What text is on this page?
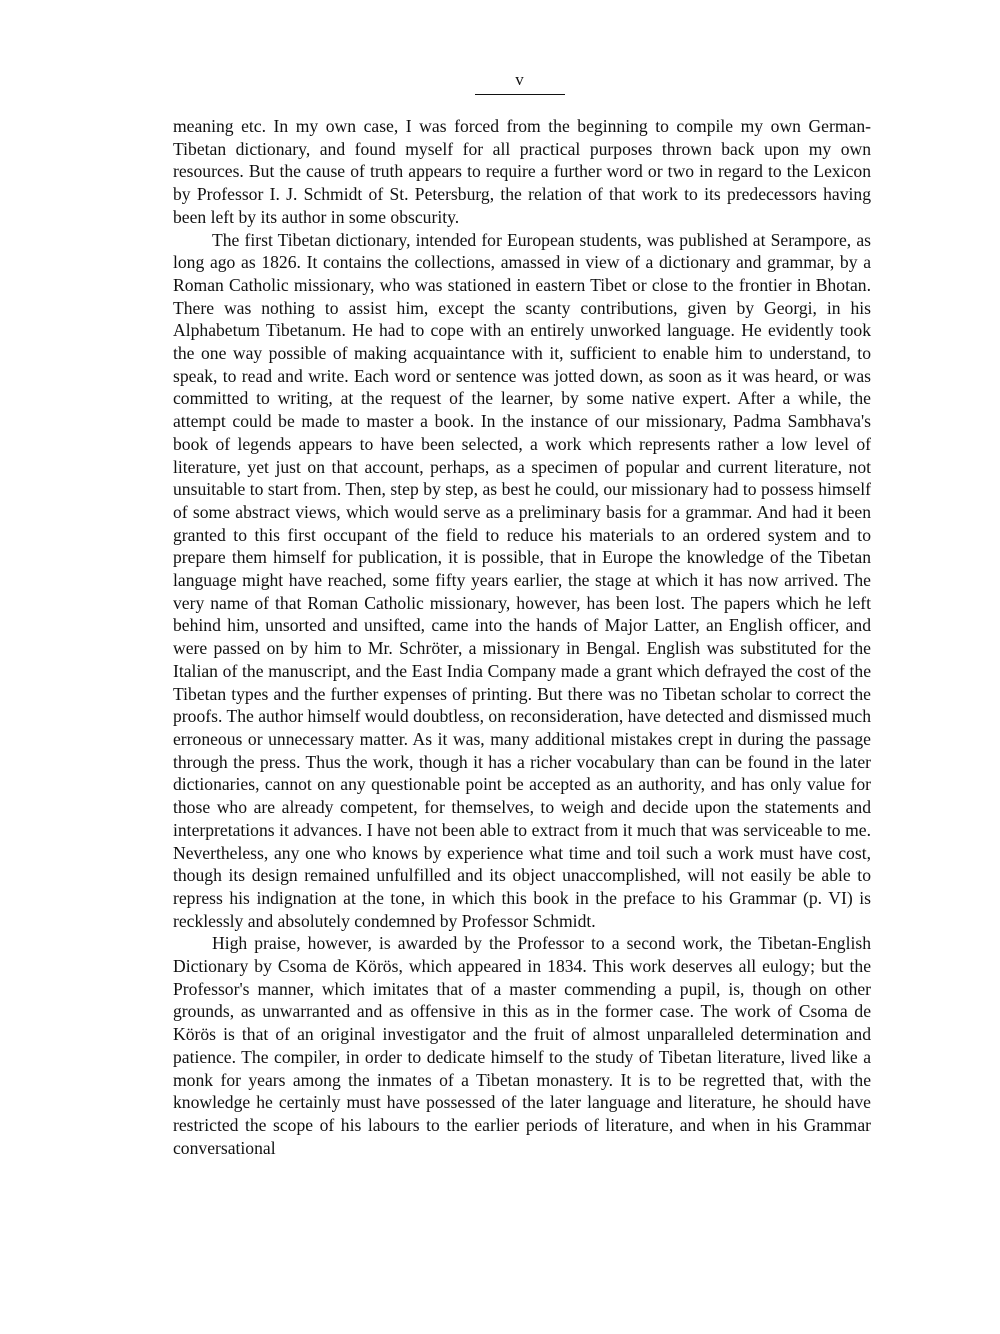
v

meaning etc. In my own case, I was forced from the beginning to compile my own German-Tibetan dictionary, and found myself for all practical purposes thrown back upon my own resources. But the cause of truth appears to require a further word or two in regard to the Lexicon by Professor I. J. Schmidt of St. Petersburg, the relation of that work to its predecessors having been left by its author in some obscurity.

The first Tibetan dictionary, intended for European students, was published at Serampore, as long ago as 1826. It contains the collections, amassed in view of a dictionary and grammar, by a Roman Catholic missionary, who was stationed in eastern Tibet or close to the frontier in Bhotan. There was nothing to assist him, except the scanty contributions, given by Georgi, in his Alphabetum Tibetanum. He had to cope with an entirely unworked language. He evidently took the one way possible of making acquaintance with it, sufficient to enable him to understand, to speak, to read and write. Each word or sentence was jotted down, as soon as it was heard, or was committed to writing, at the request of the learner, by some native expert. After a while, the attempt could be made to master a book. In the instance of our missionary, Padma Sambhava's book of legends appears to have been selected, a work which represents rather a low level of literature, yet just on that account, perhaps, as a specimen of popular and current literature, not unsuitable to start from. Then, step by step, as best he could, our missionary had to possess himself of some abstract views, which would serve as a preliminary basis for a grammar. And had it been granted to this first occupant of the field to reduce his materials to an ordered system and to prepare them himself for publication, it is possible, that in Europe the knowledge of the Tibetan language might have reached, some fifty years earlier, the stage at which it has now arrived. The very name of that Roman Catholic missionary, however, has been lost. The papers which he left behind him, unsorted and unsifted, came into the hands of Major Latter, an English officer, and were passed on by him to Mr. Schröter, a missionary in Bengal. English was substituted for the Italian of the manuscript, and the East India Company made a grant which defrayed the cost of the Tibetan types and the further expenses of printing. But there was no Tibetan scholar to correct the proofs. The author himself would doubtless, on reconsideration, have detected and dismissed much erroneous or unnecessary matter. As it was, many additional mistakes crept in during the passage through the press. Thus the work, though it has a richer vocabulary than can be found in the later dictionaries, cannot on any questionable point be accepted as an authority, and has only value for those who are already competent, for themselves, to weigh and decide upon the statements and interpretations it advances. I have not been able to extract from it much that was serviceable to me. Nevertheless, any one who knows by experience what time and toil such a work must have cost, though its design remained unfulfilled and its object unaccomplished, will not easily be able to repress his indignation at the tone, in which this book in the preface to his Grammar (p. VI) is recklessly and absolutely condemned by Professor Schmidt.

High praise, however, is awarded by the Professor to a second work, the Tibetan-English Dictionary by Csoma de Körös, which appeared in 1834. This work deserves all eulogy; but the Professor's manner, which imitates that of a master commending a pupil, is, though on other grounds, as unwarranted and as offensive in this as in the former case. The work of Csoma de Körös is that of an original investigator and the fruit of almost unparalleled determination and patience. The compiler, in order to dedicate himself to the study of Tibetan literature, lived like a monk for years among the inmates of a Tibetan monastery. It is to be regretted that, with the knowledge he certainly must have possessed of the later language and literature, he should have restricted the scope of his labours to the earlier periods of literature, and when in his Grammar conversational
